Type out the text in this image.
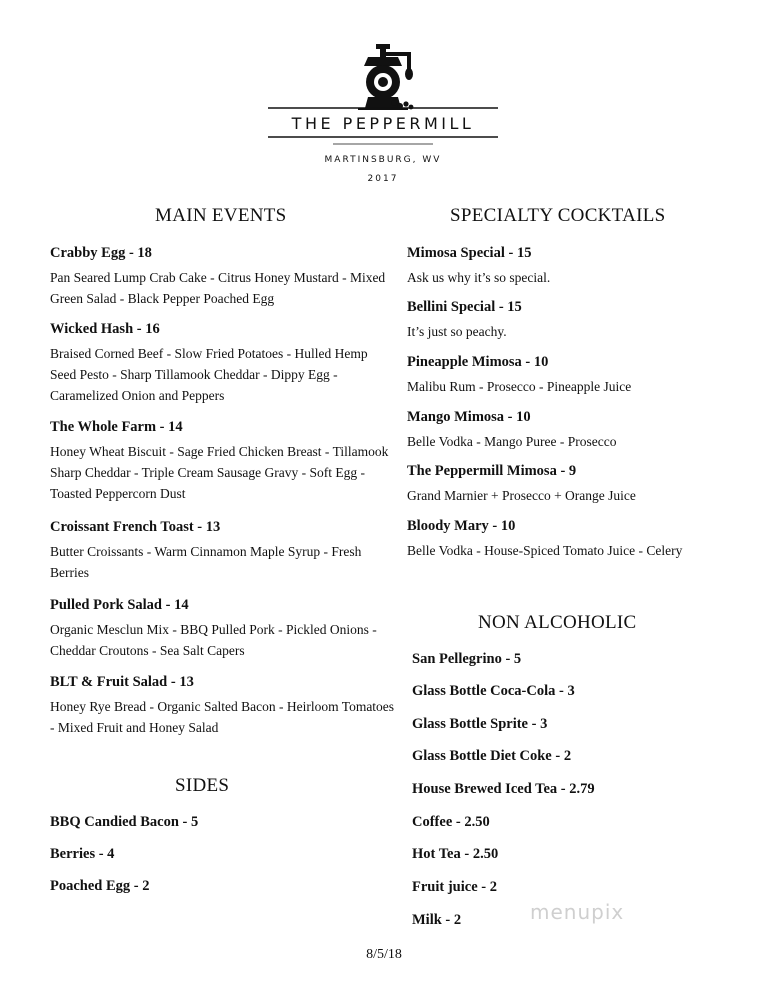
THE PEPPERMILL
MARTINSBURG, WV
2017
MAIN EVENTS
Crabby Egg - 18
Pan Seared Lump Crab Cake - Citrus Honey Mustard - Mixed Green Salad - Black Pepper Poached Egg
Wicked Hash - 16
Braised Corned Beef - Slow Fried Potatoes - Hulled Hemp Seed Pesto - Sharp Tillamook Cheddar - Dippy Egg - Caramelized Onion and Peppers
The Whole Farm - 14
Honey Wheat Biscuit - Sage Fried Chicken Breast - Tillamook Sharp Cheddar - Triple Cream Sausage Gravy - Soft Egg - Toasted Peppercorn Dust
Croissant French Toast - 13
Butter Croissants - Warm Cinnamon Maple Syrup - Fresh Berries
Pulled Pork Salad - 14
Organic Mesclun Mix - BBQ Pulled Pork - Pickled Onions - Cheddar Croutons - Sea Salt Capers
BLT & Fruit Salad - 13
Honey Rye Bread - Organic Salted Bacon - Heirloom Tomatoes - Mixed Fruit and Honey Salad
SIDES
BBQ Candied Bacon - 5
Berries - 4
Poached Egg - 2
SPECIALTY COCKTAILS
Mimosa Special - 15
Ask us why it’s so special.
Bellini Special - 15
It’s just so peachy.
Pineapple Mimosa - 10
Malibu Rum - Prosecco - Pineapple Juice
Mango Mimosa - 10
Belle Vodka - Mango Puree - Prosecco
The Peppermill Mimosa - 9
Grand Marnier + Prosecco + Orange Juice
Bloody Mary - 10
Belle Vodka - House-Spiced Tomato Juice - Celery
NON ALCOHOLIC
San Pellegrino - 5
Glass Bottle Coca-Cola - 3
Glass Bottle Sprite - 3
Glass Bottle Diet Coke - 2
House Brewed Iced Tea - 2.79
Coffee - 2.50
Hot Tea - 2.50
Fruit juice - 2
Milk - 2	menupix
8/5/18
